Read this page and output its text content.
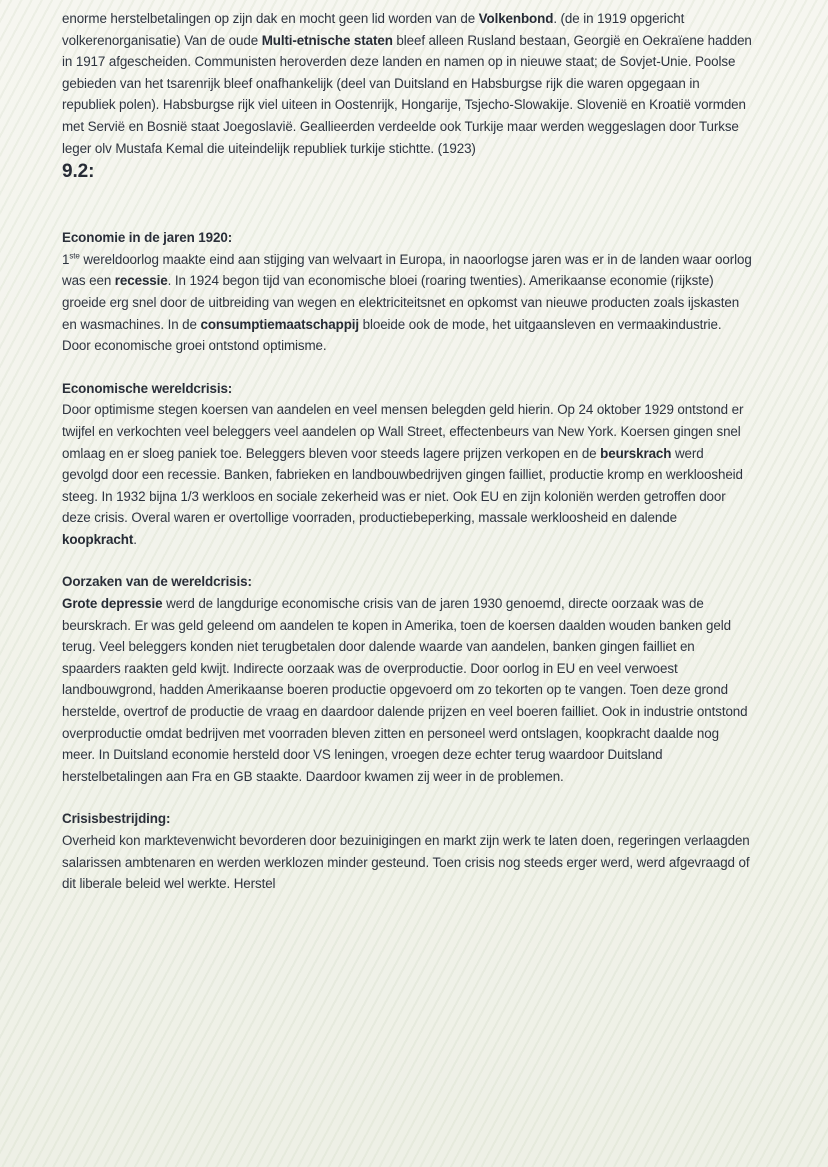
enorme herstelbetalingen op zijn dak en mocht geen lid worden van de Volkenbond. (de in 1919 opgericht volkerenorganisatie) Van de oude Multi-etnische staten bleef alleen Rusland bestaan, Georgië en Oekraïene hadden in 1917 afgescheiden. Communisten heroverden deze landen en namen op in nieuwe staat; de Sovjet-Unie. Poolse gebieden van het tsarenrijk bleef onafhankelijk (deel van Duitsland en Habsburgse rijk die waren opgegaan in republiek polen). Habsburgse rijk viel uiteen in Oostenrijk, Hongarije, Tsjecho-Slowakije. Slovenië en Kroatië vormden met Servië en Bosnië staat Joegoslavië. Geallieerden verdeelde ook Turkije maar werden weggeslagen door Turkse leger olv Mustafa Kemal die uiteindelijk republiek turkije stichtte. (1923)

9.2:

Economie in de jaren 1920:

1ste wereldoorlog maakte eind aan stijging van welvaart in Europa, in naoorlogse jaren was er in de landen waar oorlog was een recessie. In 1924 begon tijd van economische bloei (roaring twenties). Amerikaanse economie (rijkste) groeide erg snel door de uitbreiding van wegen en elektriciteitsnet en opkomst van nieuwe producten zoals ijskasten en wasmachines. In de consumptiemaatschappij bloeide ook de mode, het uitgaansleven en vermaakindustrie. Door economische groei ontstond optimisme.

Economische wereldcrisis:

Door optimisme stegen koersen van aandelen en veel mensen belegden geld hierin. Op 24 oktober 1929 ontstond er twijfel en verkochten veel beleggers veel aandelen op Wall Street, effectenbeurs van New York. Koersen gingen snel omlaag en er sloeg paniek toe. Beleggers bleven voor steeds lagere prijzen verkopen en de beurskrach werd gevolgd door een recessie. Banken, fabrieken en landbouwbedrijven gingen failliet, productie kromp en werkloosheid steeg. In 1932 bijna 1/3 werkloos en sociale zekerheid was er niet. Ook EU en zijn koloniën werden getroffen door deze crisis. Overal waren er overtollige voorraden, productiebeperking, massale werkloosheid en dalende koopkracht.

Oorzaken van de wereldcrisis:

Grote depressie werd de langdurige economische crisis van de jaren 1930 genoemd, directe oorzaak was de beurskrach. Er was geld geleend om aandelen te kopen in Amerika, toen de koersen daalden wouden banken geld terug. Veel beleggers konden niet terugbetalen door dalende waarde van aandelen, banken gingen failliet en spaarders raakten geld kwijt. Indirecte oorzaak was de overproductie. Door oorlog in EU en veel verwoest landbouwgrond, hadden Amerikaanse boeren productie opgevoerd om zo tekorten op te vangen. Toen deze grond herstelde, overtrof de productie de vraag en daardoor dalende prijzen en veel boeren failliet. Ook in industrie ontstond overproductie omdat bedrijven met voorraden bleven zitten en personeel werd ontslagen, koopkracht daalde nog meer. In Duitsland economie hersteld door VS leningen, vroegen deze echter terug waardoor Duitsland herstelbetalingen aan Fra en GB staakte. Daardoor kwamen zij weer in de problemen.

Crisisbestrijding:

Overheid kon marktevenwicht bevorderen door bezuinigingen en markt zijn werk te laten doen, regeringen verlaagden salarissen ambtenaren en werden werklozen minder gesteund. Toen crisis nog steeds erger werd, werd afgevraagd of dit liberale beleid wel werkte. Herstel
